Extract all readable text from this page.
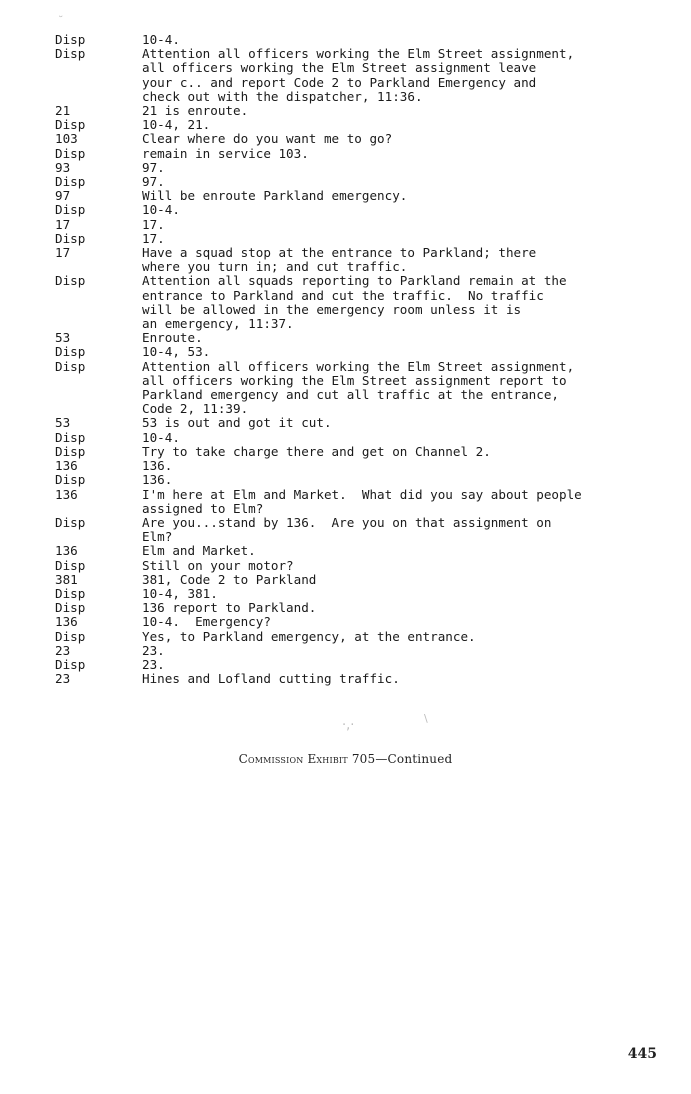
Disp	10-4.
Disp	Attention all officers working the Elm Street assignment,
all officers working the Elm Street assignment leave
your c.. and report Code 2 to Parkland Emergency and
check out with the dispatcher, 11:36.
21	21 is enroute.
Disp	10-4, 21.
103	Clear where do you want me to go?
Disp	remain in service 103.
93	97.
Disp	97.
97	Will be enroute Parkland emergency.
Disp	10-4.
17	17.
Disp	17.
17	Have a squad stop at the entrance to Parkland; there
where you turn in; and cut traffic.
Disp	Attention all squads reporting to Parkland remain at the
entrance to Parkland and cut the traffic.  No traffic
will be allowed in the emergency room unless it is
an emergency, 11:37.
53	Enroute.
Disp	10-4, 53.
Disp	Attention all officers working the Elm Street assignment,
all officers working the Elm Street assignment report to
Parkland emergency and cut all traffic at the entrance,
Code 2, 11:39.
53	53 is out and got it cut.
Disp	10-4.
Disp	Try to take charge there and get on Channel 2.
136	136.
Disp	136.
136	I'm here at Elm and Market.  What did you say about people
assigned to Elm?
Disp	Are you...stand by 136.  Are you on that assignment on
Elm?
136	Elm and Market.
Disp	Still on your motor?
381	381, Code 2 to Parkland
Disp	10-4, 381.
Disp	136 report to Parkland.
136	10-4.  Emergency?
Disp	Yes, to Parkland emergency, at the entrance.
23	23.
Disp	23.
23	Hines and Lofland cutting traffic.
˘
·,·	\
Commission Exhibit 705—Continued
445
